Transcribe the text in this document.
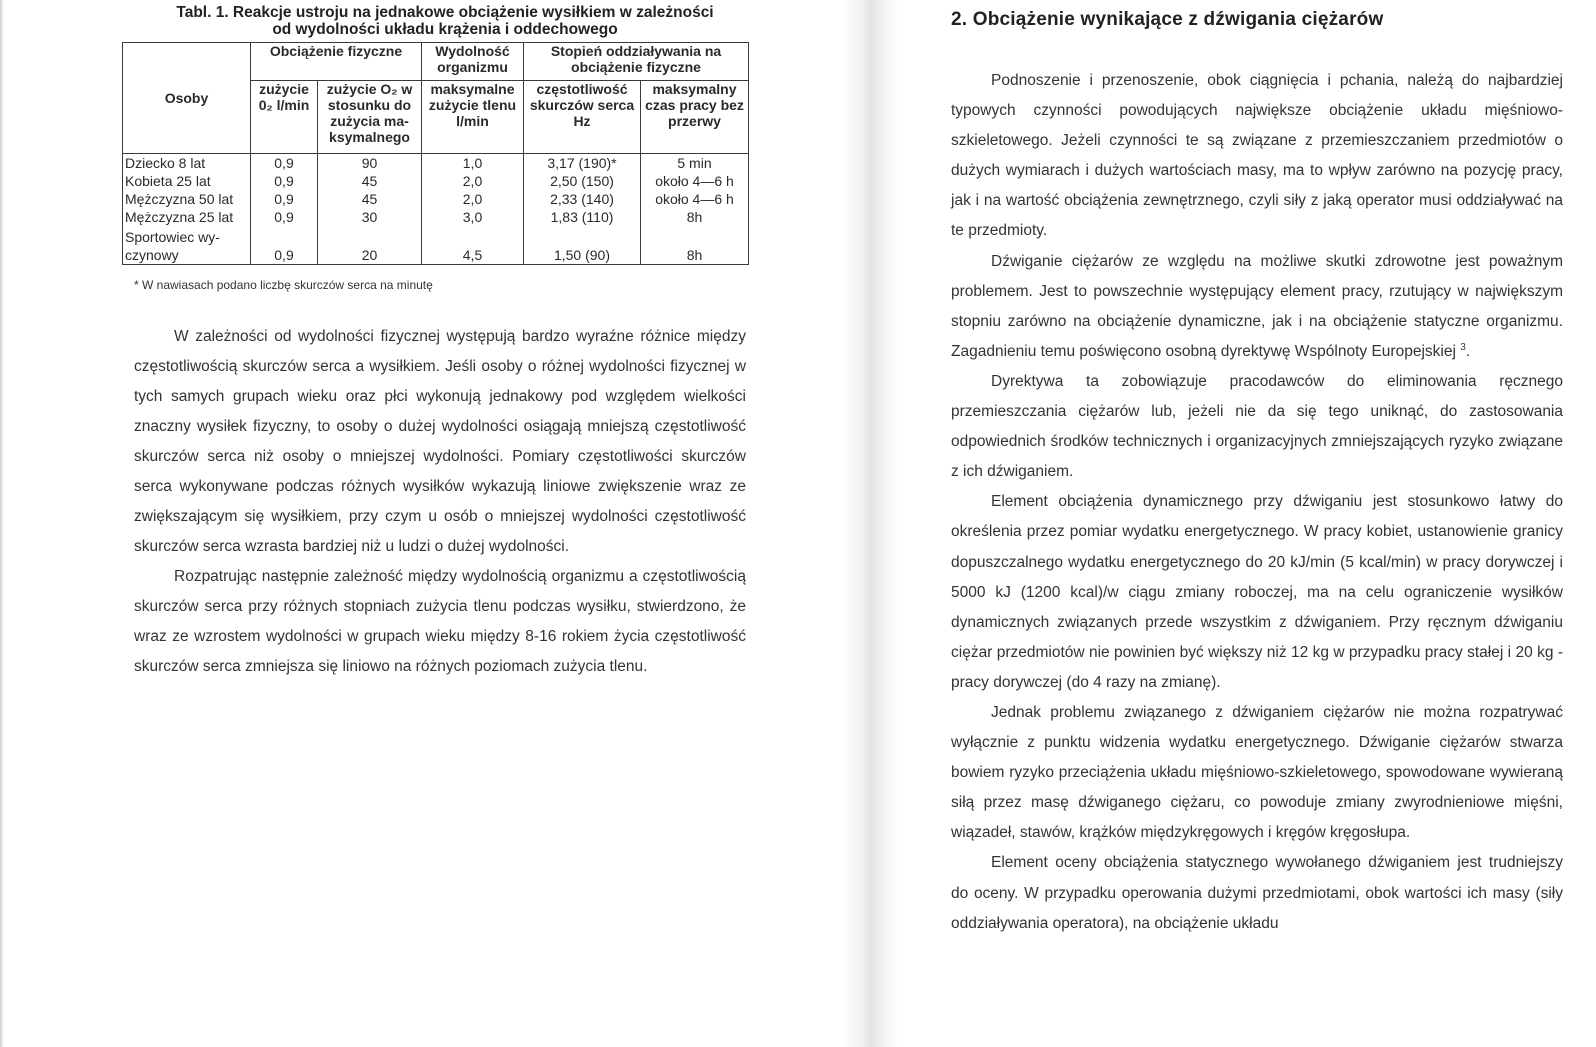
Tabl. 1. Reakcje ustroju na jednakowe obciążenie wysiłkiem w zależności
od wydolności układu krążenia i oddechowego
Osoby	Obciążenie fizyczne		Wydolność organizmu	Stopień oddziaływania na obciążenie fizyczne	
	zużycie 0₂ l/min	zużycie O₂ w stosunku do zużycia ma-ksymalnego	maksymalne zużycie tlenu l/min	częstotliwość skurczów serca Hz	maksymalny czas pracy bez przerwy
Dziecko 8 lat	0,9	90	1,0	3,17 (190)*	5 min
Kobieta 25 lat	0,9	45	2,0	2,50 (150)	około 4—6 h
Mężczyzna 50 lat	0,9	45	2,0	2,33 (140)	około 4—6 h
Mężczyzna 25 lat	0,9	30	3,0	1,83 (110)	8h
Sportowiec wy-czynowy	0,9	20	4,5	1,50 (90)	8h
* W nawiasach podano liczbę skurczów serca na minutę

W zależności od wydolności fizycznej występują bardzo wyraźne różnice między częstotliwością skurczów serca a wysiłkiem. Jeśli osoby o różnej wydolności fizycznej w tych samych grupach wieku oraz płci wykonują jednakowy pod względem wielkości znaczny wysiłek fizyczny, to osoby o dużej wydolności osiągają mniejszą częstotliwość skurczów serca niż osoby o mniejszej wydolności. Pomiary częstotliwości skurczów serca wykonywane podczas różnych wysiłków wykazują liniowe zwiększenie wraz ze zwiększającym się wysiłkiem, przy czym u osób o mniejszej wydolności częstotliwość skurczów serca wzrasta bardziej niż u ludzi o dużej wydolności.

Rozpatrując następnie zależność między wydolnością organizmu a częstotliwością skurczów serca przy różnych stopniach zużycia tlenu podczas wysiłku, stwierdzono, że wraz ze wzrostem wydolności w grupach wieku między 8-16 rokiem życia częstotliwość skurczów serca zmniejsza się liniowo na różnych poziomach zużycia tlenu.

2. Obciążenie wynikające z dźwigania ciężarów

Podnoszenie i przenoszenie, obok ciągnięcia i pchania, należą do najbardziej typowych czynności powodujących największe obciążenie układu mięśniowo-szkieletowego. Jeżeli czynności te są związane z przemieszczaniem przedmiotów o dużych wymiarach i dużych wartościach masy, ma to wpływ zarówno na pozycję pracy, jak i na wartość obciążenia zewnętrznego, czyli siły z jaką operator musi oddziaływać na te przedmioty.

Dźwiganie ciężarów ze względu na możliwe skutki zdrowotne jest poważnym problemem. Jest to powszechnie występujący element pracy, rzutujący w największym stopniu zarówno na obciążenie dynamiczne, jak i na obciążenie statyczne organizmu. Zagadnieniu temu poświęcono osobną dyrektywę Wspólnoty Europejskiej $^3$.

Dyrektywa ta zobowiązuje pracodawców do eliminowania ręcznego przemieszczania ciężarów lub, jeżeli nie da się tego uniknąć, do zastosowania odpowiednich środków technicznych i organizacyjnych zmniejszających ryzyko związane z ich dźwiganiem.

Element obciążenia dynamicznego przy dźwiganiu jest stosunkowo łatwy do określenia przez pomiar wydatku energetycznego. W pracy kobiet, ustanowienie granicy dopuszczalnego wydatku energetycznego do 20 kJ/min (5 kcal/min) w pracy dorywczej i 5000 kJ (1200 kcal)/w ciągu zmiany roboczej, ma na celu ograniczenie wysiłków dynamicznych związanych przede wszystkim z dźwiganiem. Przy ręcznym dźwiganiu ciężar przedmiotów nie powinien być większy niż 12 kg w przypadku pracy stałej i 20 kg - pracy dorywczej (do 4 razy na zmianę).

Jednak problemu związanego z dźwiganiem ciężarów nie można rozpatrywać wyłącznie z punktu widzenia wydatku energetycznego. Dźwiganie ciężarów stwarza bowiem ryzyko przeciążenia układu mięśniowo-szkieletowego, spowodowane wywieraną siłą przez masę dźwiganego ciężaru, co powoduje zmiany zwyrodnieniowe mięśni, wiązadeł, stawów, krążków międzykręgowych i kręgów kręgosłupa.

Element oceny obciążenia statycznego wywołanego dźwiganiem jest trudniejszy do oceny. W przypadku operowania dużymi przedmiotami, obok wartości ich masy (siły oddziaływania operatora), na obciążenie układu
